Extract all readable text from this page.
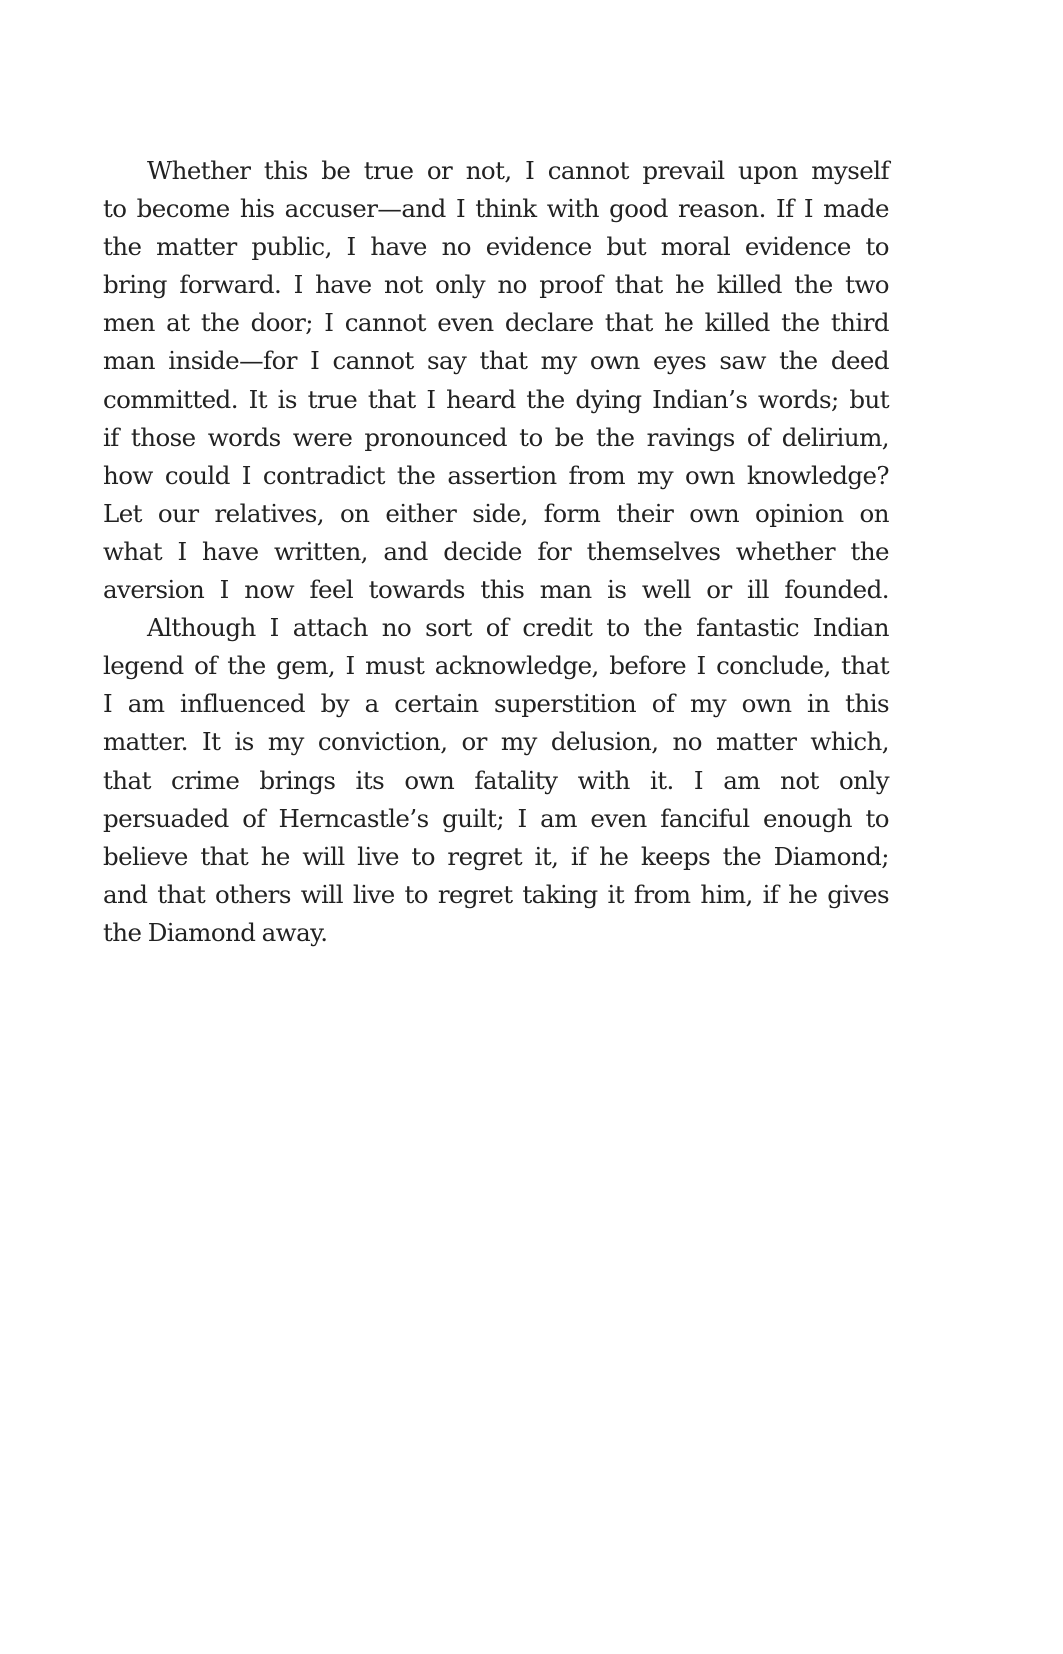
Whether this be true or not, I cannot prevail upon myself
to become his accuser—and I think with good reason. If I made
the matter public, I have no evidence but moral evidence to
bring forward. I have not only no proof that he killed the two
men at the door; I cannot even declare that he killed the third
man inside—for I cannot say that my own eyes saw the deed
committed. It is true that I heard the dying Indian’s words; but
if those words were pronounced to be the ravings of delirium,
how could I contradict the assertion from my own knowledge?
Let our relatives, on either side, form their own opinion on
what I have written, and decide for themselves whether the
aversion I now feel towards this man is well or ill founded.
Although I attach no sort of credit to the fantastic Indian
legend of the gem, I must acknowledge, before I conclude, that
I am influenced by a certain superstition of my own in this
matter. It is my conviction, or my delusion, no matter which,
that crime brings its own fatality with it. I am not only
persuaded of Herncastle’s guilt; I am even fanciful enough to
believe that he will live to regret it, if he keeps the Diamond;
and that others will live to regret taking it from him, if he gives
the Diamond away.
